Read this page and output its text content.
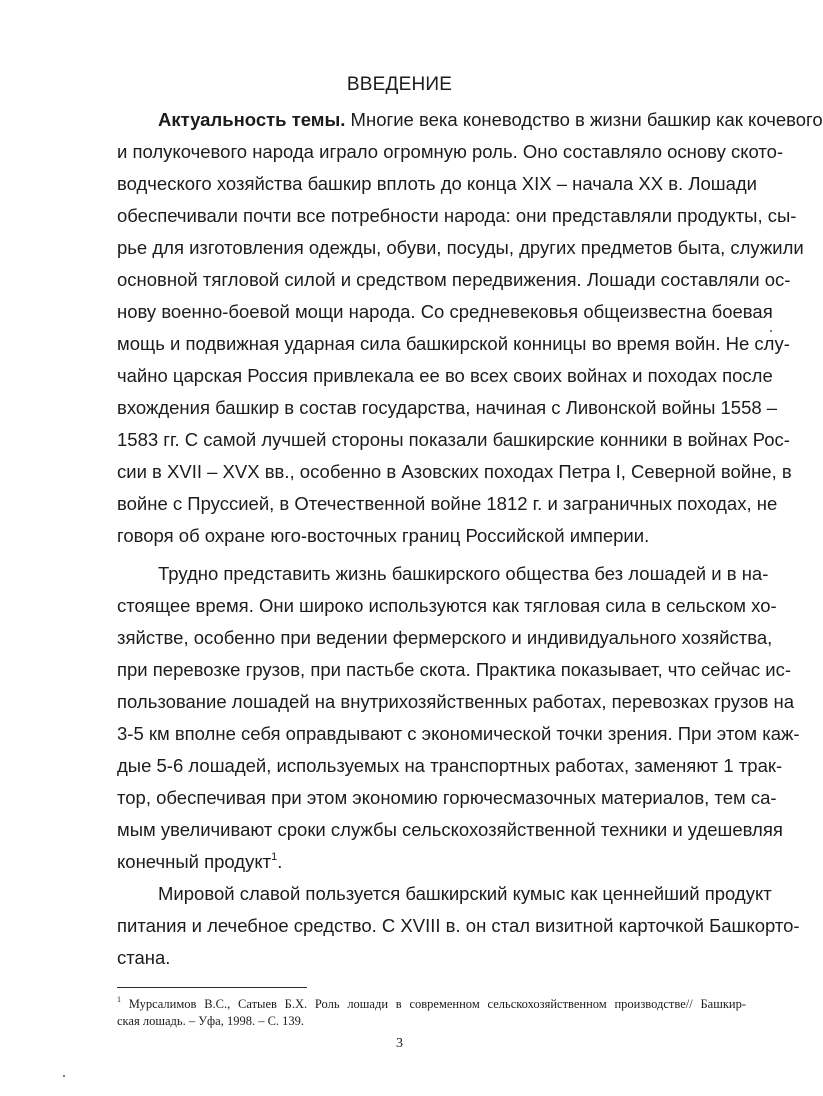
ВВЕДЕНИЕ
Актуальность темы. Многие века коневодство в жизни башкир как кочевого
и полукочевого народа играло огромную роль. Оно составляло основу ското-
водческого хозяйства башкир вплоть до конца XIX – начала XX в. Лошади
обеспечивали почти все потребности народа: они представляли продукты, сы-
рье для изготовления одежды, обуви, посуды, других предметов быта, служили
основной тягловой силой и средством передвижения. Лошади составляли ос-
нову военно-боевой мощи народа. Со средневековья общеизвестна боевая
мощь и подвижная ударная сила башкирской конницы во время войн. Не слу-
чайно царская Россия привлекала ее во всех своих войнах и походах после
вхождения башкир в состав государства, начиная с Ливонской войны 1558 –
1583 гг. С самой лучшей стороны показали башкирские конники в войнах Рос-
сии в XVII – XVX вв., особенно в Азовских походах Петра I, Северной войне, в
войне с Пруссией, в Отечественной войне 1812 г. и заграничных походах, не
говоря об охране юго-восточных границ Российской империи.
Трудно представить жизнь башкирского общества без лошадей и в на-
стоящее время. Они широко используются как тягловая сила в сельском хо-
зяйстве, особенно при ведении фермерского и индивидуального хозяйства,
при перевозке грузов, при пастьбе скота. Практика показывает, что сейчас ис-
пользование лошадей на внутрихозяйственных работах, перевозках грузов на
3-5 км вполне себя оправдывают с экономической точки зрения. При этом каж-
дые 5-6 лошадей, используемых на транспортных работах, заменяют 1 трак-
тор, обеспечивая при этом экономию горючесмазочных материалов, тем са-
мым увеличивают сроки службы сельскохозяйственной техники и удешевляя
конечный продукт$^1$.
Мировой славой пользуется башкирский кумыс как ценнейший продукт
питания и лечебное средство. С XVIII в. он стал визитной карточкой Башкорто-
стана.
$^1$ Мурсалимов В.С., Сатыев Б.Х. Роль лошади в современном сельскохозяйственном производстве// Башкир-
ская лошадь. – Уфа, 1998. – С. 139.
3
